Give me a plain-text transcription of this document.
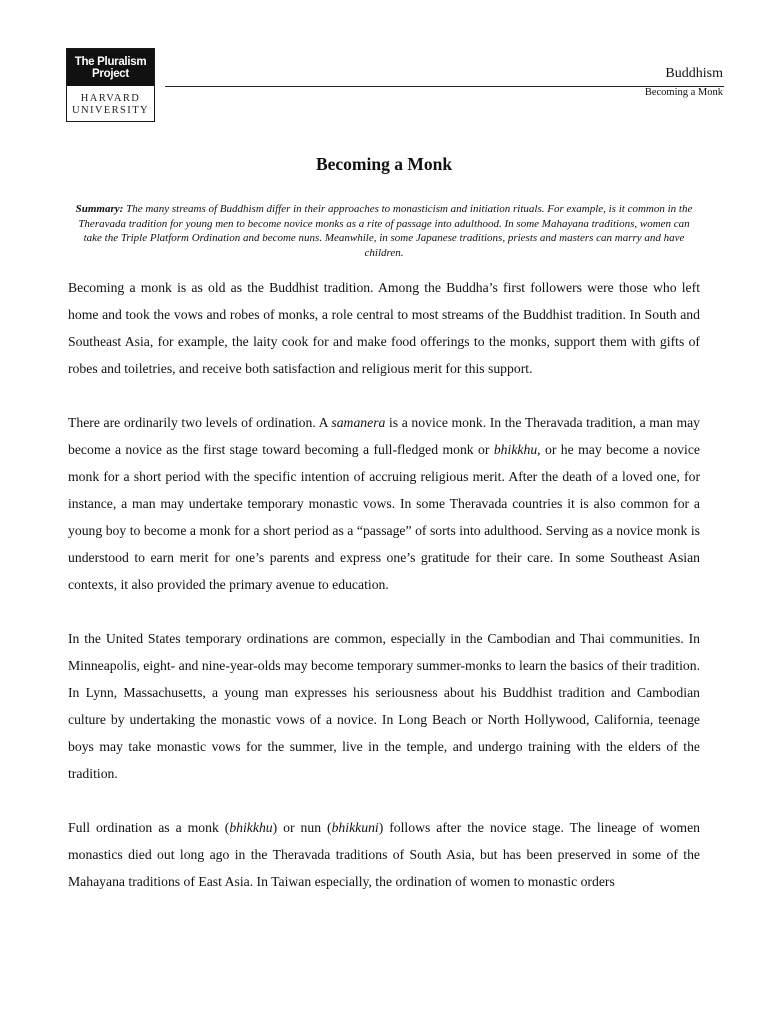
The Pluralism
Project
HARVARD
UNIVERSITY
Buddhism
Becoming a Monk
Becoming a Monk
Summary: The many streams of Buddhism differ in their approaches to monasticism and initiation rituals. For example, is it common in the Theravada tradition for young men to become novice monks as a rite of passage into adulthood. In some Mahayana traditions, women can take the Triple Platform Ordination and become nuns. Meanwhile, in some Japanese traditions, priests and masters can marry and have children.

Becoming a monk is as old as the Buddhist tradition. Among the Buddha’s first followers were those who left home and took the vows and robes of monks, a role central to most streams of the Buddhist tradition. In South and Southeast Asia, for example, the laity cook for and make food offerings to the monks, support them with gifts of robes and toiletries, and receive both satisfaction and religious merit for this support.

There are ordinarily two levels of ordination. A samanera is a novice monk. In the Theravada tradition, a man may become a novice as the first stage toward becoming a full-fledged monk or bhikkhu, or he may become a novice monk for a short period with the specific intention of accruing religious merit. After the death of a loved one, for instance, a man may undertake temporary monastic vows. In some Theravada countries it is also common for a young boy to become a monk for a short period as a “passage” of sorts into adulthood. Serving as a novice monk is understood to earn merit for one’s parents and express one’s gratitude for their care. In some Southeast Asian contexts, it also provided the primary avenue to education.

In the United States temporary ordinations are common, especially in the Cambodian and Thai communities. In Minneapolis, eight- and nine-year-olds may become temporary summer-monks to learn the basics of their tradition. In Lynn, Massachusetts, a young man expresses his seriousness about his Buddhist tradition and Cambodian culture by undertaking the monastic vows of a novice. In Long Beach or North Hollywood, California, teenage boys may take monastic vows for the summer, live in the temple, and undergo training with the elders of the tradition.

Full ordination as a monk (bhikkhu) or nun (bhikkuni) follows after the novice stage. The lineage of women monastics died out long ago in the Theravada traditions of South Asia, but has been preserved in some of the Mahayana traditions of East Asia. In Taiwan especially, the ordination of women to monastic orders
